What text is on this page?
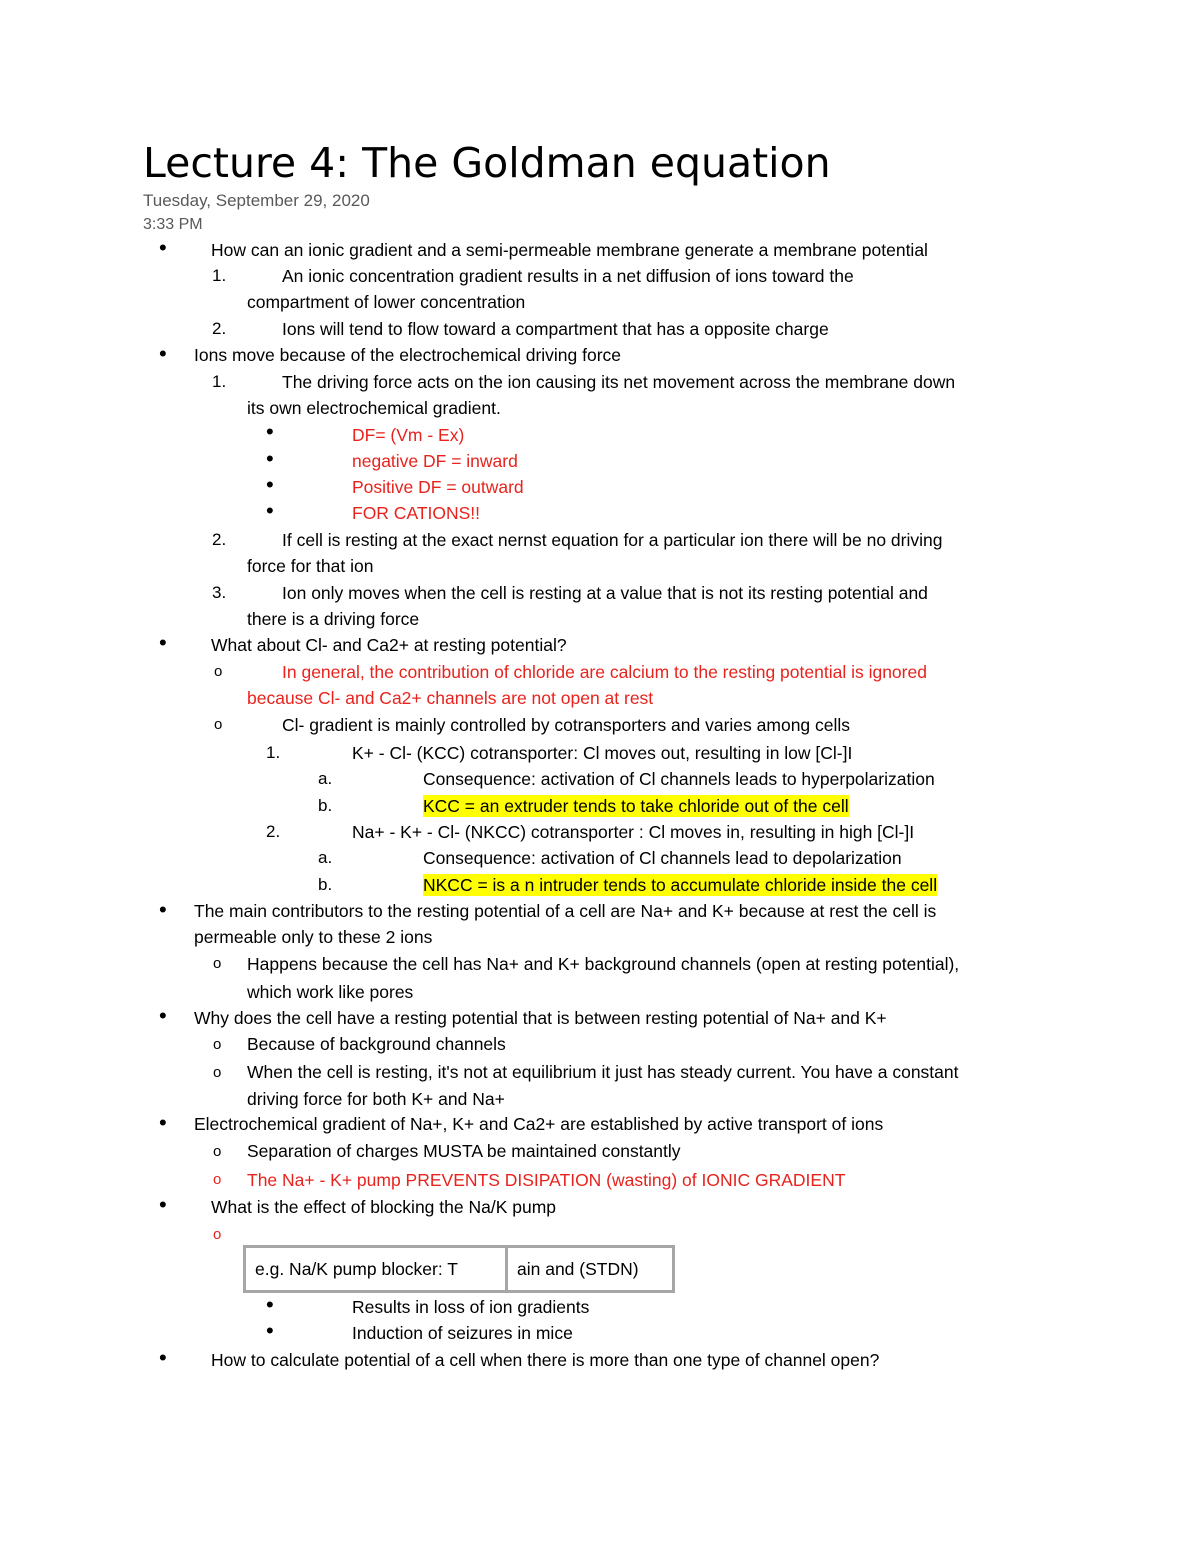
Lecture 4: The Goldman equation
Tuesday, September 29, 2020
3:33 PM
•	How can an ionic gradient and a semi-permeable membrane generate a membrane potential
1.	An ionic concentration gradient results in a net diffusion of ions toward the
compartment of lower concentration
2.	Ions will tend to flow toward a compartment that has a opposite charge
• Ions move because of the electrochemical driving force
1.	The driving force acts on the ion causing its net movement across the membrane down
its own electrochemical gradient.
•	DF= (Vm - Ex)
•	negative DF = inward
•	Positive DF = outward
•	FOR CATIONS!!
2.	If cell is resting at the exact nernst equation for a particular ion there will be no driving
force for that ion
3.	Ion only moves when the cell is resting at a value that is not its resting potential and
there is a driving force
•	What about Cl- and Ca2+ at resting potential?
o	In general, the contribution of chloride are calcium to the resting potential is ignored
because Cl- and Ca2+ channels are not open at rest
o	Cl- gradient is mainly controlled by cotransporters and varies among cells
1.	K+ - Cl- (KCC) cotransporter: Cl moves out, resulting in low [Cl-]I
a.	Consequence: activation of Cl channels leads to hyperpolarization
b.	KCC = an extruder tends to take chloride out of the cell
2.	Na+ - K+ - Cl- (NKCC) cotransporter : Cl moves in, resulting in high [Cl-]I
a.	Consequence: activation of Cl channels lead to depolarization
b.	NKCC = is a n intruder tends to accumulate chloride inside the cell
• The main contributors to the resting potential of a cell are Na+ and K+ because at rest the cell is
permeable only to these 2 ions
o Happens because the cell has Na+ and K+ background channels (open at resting potential),
which work like pores
• Why does the cell have a resting potential that is between resting potential of Na+ and K+
o Because of background channels
o When the cell is resting, it's not at equilibrium it just has steady current. You have a constant
driving force for both K+ and Na+
• Electrochemical gradient of Na+, K+ and Ca2+ are established by active transport of ions
o Separation of charges MUSTA be maintained constantly
o The Na+ - K+ pump PREVENTS DISIPATION (wasting) of IONIC GRADIENT
•	What is the effect of blocking the Na/K pump
o
e.g. Na/K pump blocker: T	ain and (STDN)
•	Results in loss of ion gradients
•	Induction of seizures in mice
•	How to calculate potential of a cell when there is more than one type of channel open?
